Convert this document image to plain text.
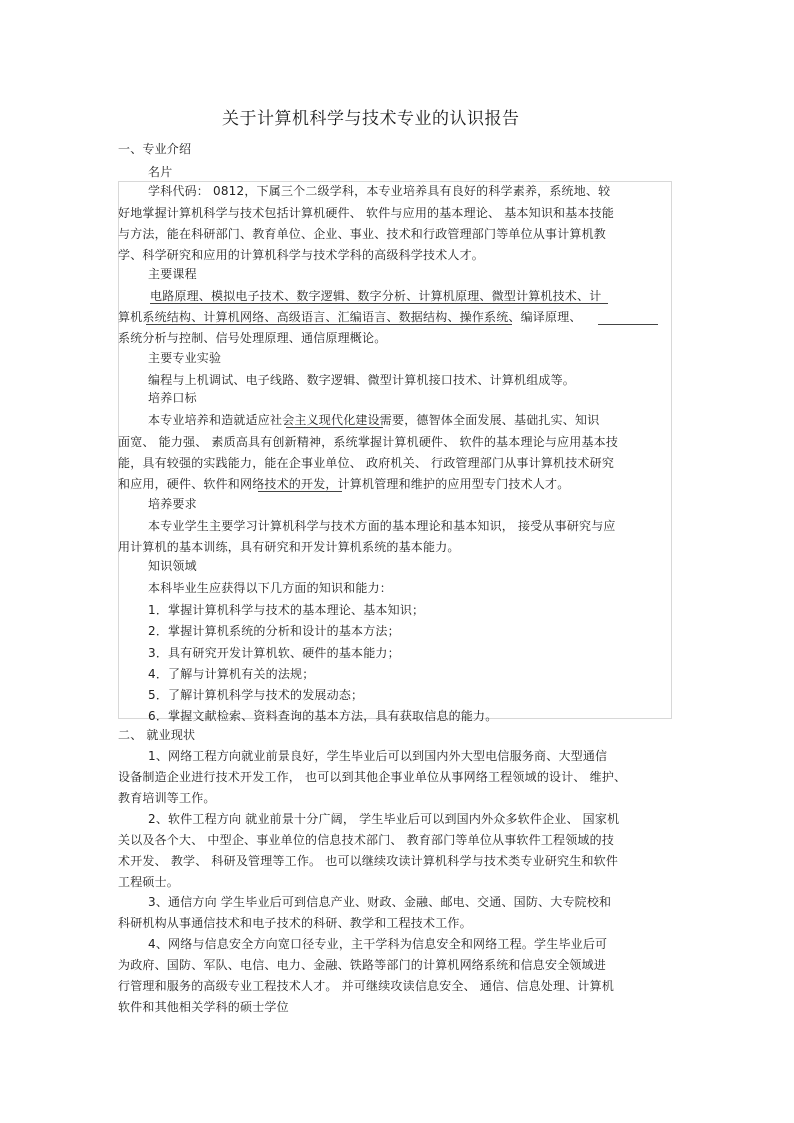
关于计算机科学与技术专业的认识报告
一、专业介绍
名片
学科代码： 0812，下属三个二级学科，本专业培养具有良好的科学素养，系统地、较
好地掌握计算机科学与技术包括计算机硬件、 软件与应用的基本理论、 基本知识和基本技能
与方法，能在科研部门、教育单位、企业、事业、技术和行政管理部门等单位从事计算机教
学、科学研究和应用的计算机科学与技术学科的高级科学技术人才。
主要课程
电路原理、模拟电子技术、数字逻辑、数字分析、计算机原理、微型计算机技术、计
算机系统结构、计算机网络、高级语言、汇编语言、数据结构、操作系统、编译原理、
系统分析与控制、信号处理原理、通信原理概论。
主要专业实验
编程与上机调试、电子线路、数字逻辑、微型计算机接口技术、计算机组成等。
培养口标
本专业培养和造就适应社会主义现代化建设需要，德智体全面发展、基础扎实、知识
面宽、 能力强、 素质高具有创新精神，系统掌握计算机硬件、 软件的基本理论与应用基本技
能，具有较强的实践能力，能在企事业单位、 政府机关、 行政管理部门从事计算机技术研究
和应用，硬件、软件和网络技术的开发，计算机管理和维护的应用型专门技术人才。
培养要求
本专业学生主要学习计算机科学与技术方面的基本理论和基本知识， 接受从事研究与应
用计算机的基本训练，具有研究和开发计算机系统的基本能力。
知识领域
本科毕业生应获得以下几方面的知识和能力：
1．掌握计算机科学与技术的基本理论、基本知识；
2．掌握计算机系统的分析和设计的基本方法；
3．具有研究开发计算机软、硬件的基本能力；
4．了解与计算机有关的法规；
5．了解计算机科学与技术的发展动态；
6．掌握文献检索、资料查询的基本方法，具有获取信息的能力。
二、 就业现状
1、网络工程方向就业前景良好，学生毕业后可以到国内外大型电信服务商、大型通信
设备制造企业进行技术开发工作， 也可以到其他企事业单位从事网络工程领域的设计、 维护、
教育培训等工作。
2、软件工程方向 就业前景十分广阔， 学生毕业后可以到国内外众多软件企业、 国家机
关以及各个大、 中型企、事业单位的信息技术部门、 教育部门等单位从事软件工程领域的技
术开发、 教学、 科研及管理等工作。 也可以继续攻读计算机科学与技术类专业研究生和软件
工程硕士。
3、通信方向 学生毕业后可到信息产业、财政、金融、邮电、交通、国防、大专院校和
科研机构从事通信技术和电子技术的科研、教学和工程技术工作。
4、网络与信息安全方向宽口径专业，主干学科为信息安全和网络工程。学生毕业后可
为政府、国防、军队、电信、电力、金融、铁路等部门的计算机网络系统和信息安全领域进
行管理和服务的高级专业工程技术人才。 并可继续攻读信息安全、 通信、信息处理、计算机
软件和其他相关学科的硕士学位
